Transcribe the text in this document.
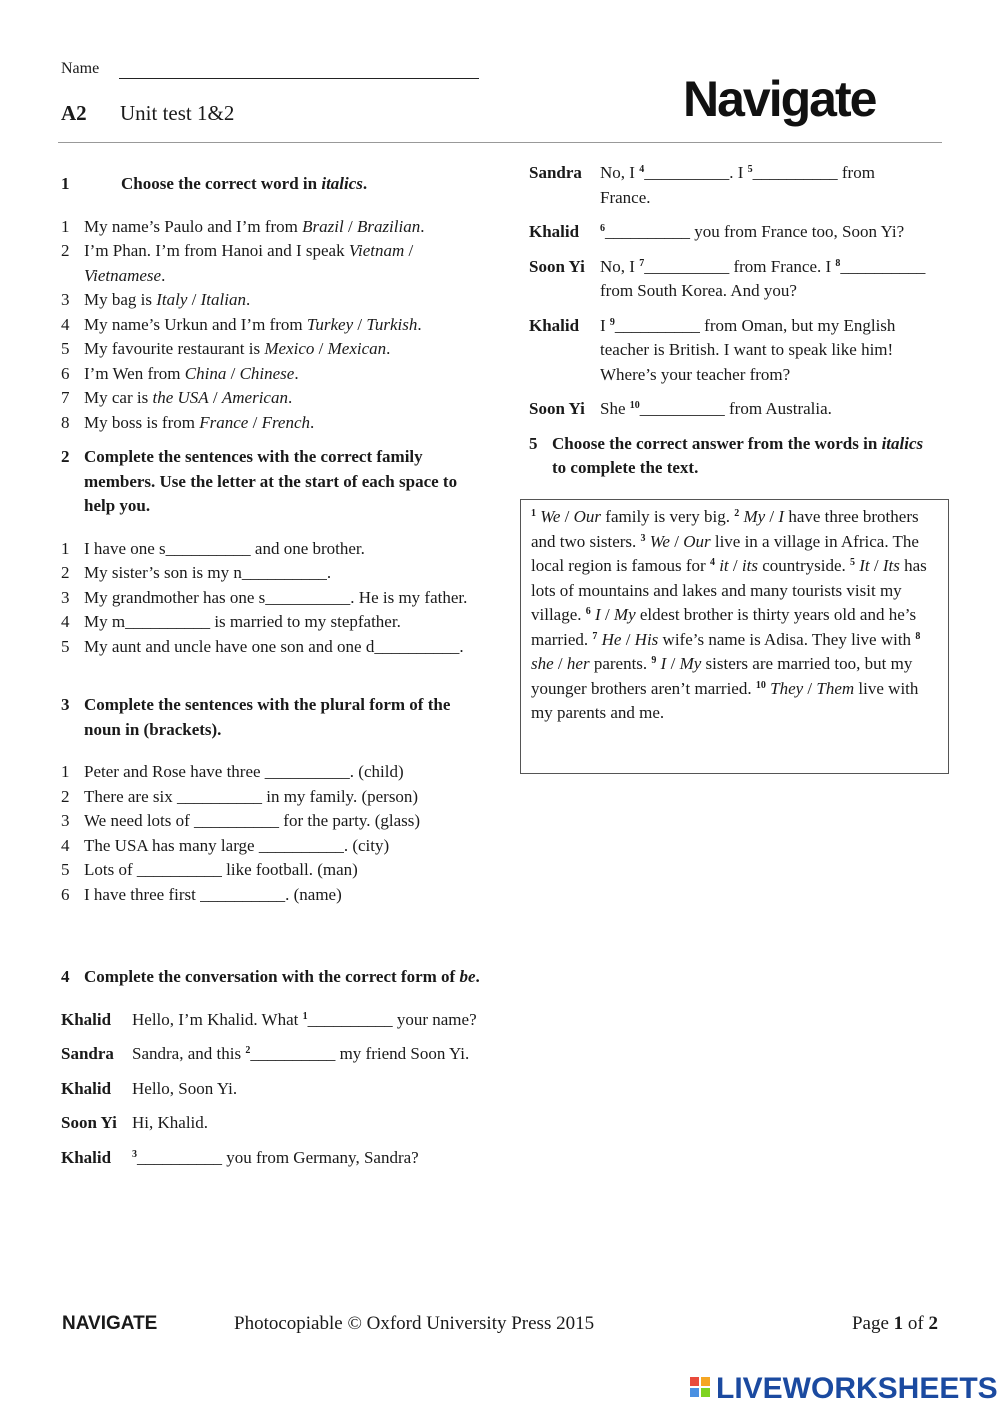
Name
A2 Unit test 1&2	Navigate
1	Choose the correct word in italics.
1 My name’s Paulo and I’m from Brazil / Brazilian.
2 I’m Phan. I’m from Hanoi and I speak Vietnam / Vietnamese.
3 My bag is Italy / Italian.
4 My name’s Urkun and I’m from Turkey / Turkish.
5 My favourite restaurant is Mexico / Mexican.
6 I’m Wen from China / Chinese.
7 My car is the USA / American.
8 My boss is from France / French.
2 Complete the sentences with the correct family members. Use the letter at the start of each space to help you.
1 I have one s__________ and one brother.
2 My sister’s son is my n__________.
3 My grandmother has one s__________. He is my father.
4 My m__________ is married to my stepfather.
5 My aunt and uncle have one son and one d__________.
3 Complete the sentences with the plural form of the noun in (brackets).
1 Peter and Rose have three __________. (child)
2 There are six __________ in my family. (person)
3 We need lots of __________ for the party. (glass)
4 The USA has many large __________. (city)
5 Lots of __________ like football. (man)
6 I have three first __________. (name)
4 Complete the conversation with the correct form of be.
Khalid Hello, I’m Khalid. What $^1$__________ your name?
Sandra Sandra, and this $^2$__________ my friend Soon Yi.
Khalid Hello, Soon Yi.
Soon Yi Hi, Khalid.
Khalid $^3$__________ you from Germany, Sandra?
Sandra No, I $^4$__________. I $^5$__________ from France.
Khalid $^6$__________ you from France too, Soon Yi?
Soon Yi No, I $^7$__________ from France. I $^8$__________ from South Korea. And you?
Khalid I $^9$__________ from Oman, but my English teacher is British. I want to speak like him! Where’s your teacher from?
Soon Yi She $^{10}$__________ from Australia.
5 Choose the correct answer from the words in italics to complete the text.
$^1$ We / Our family is very big. $^2$ My / I have three brothers and two sisters. $^3$ We / Our live in a village in Africa. The local region is famous for $^4$ it / its countryside. $^5$ It / Its has lots of mountains and lakes and many tourists visit my village. $^6$ I / My eldest brother is thirty years old and he’s married. $^7$ He / His wife’s name is Adisa. They live with $^8$ she / her parents. $^9$ I / My sisters are married too, but my younger brothers aren’t married. $^{10}$ They / Them live with my parents and me.
NAVIGATE	Photocopiable © Oxford University Press 2015	Page 1 of 2
LIVEWORKSHEETS
